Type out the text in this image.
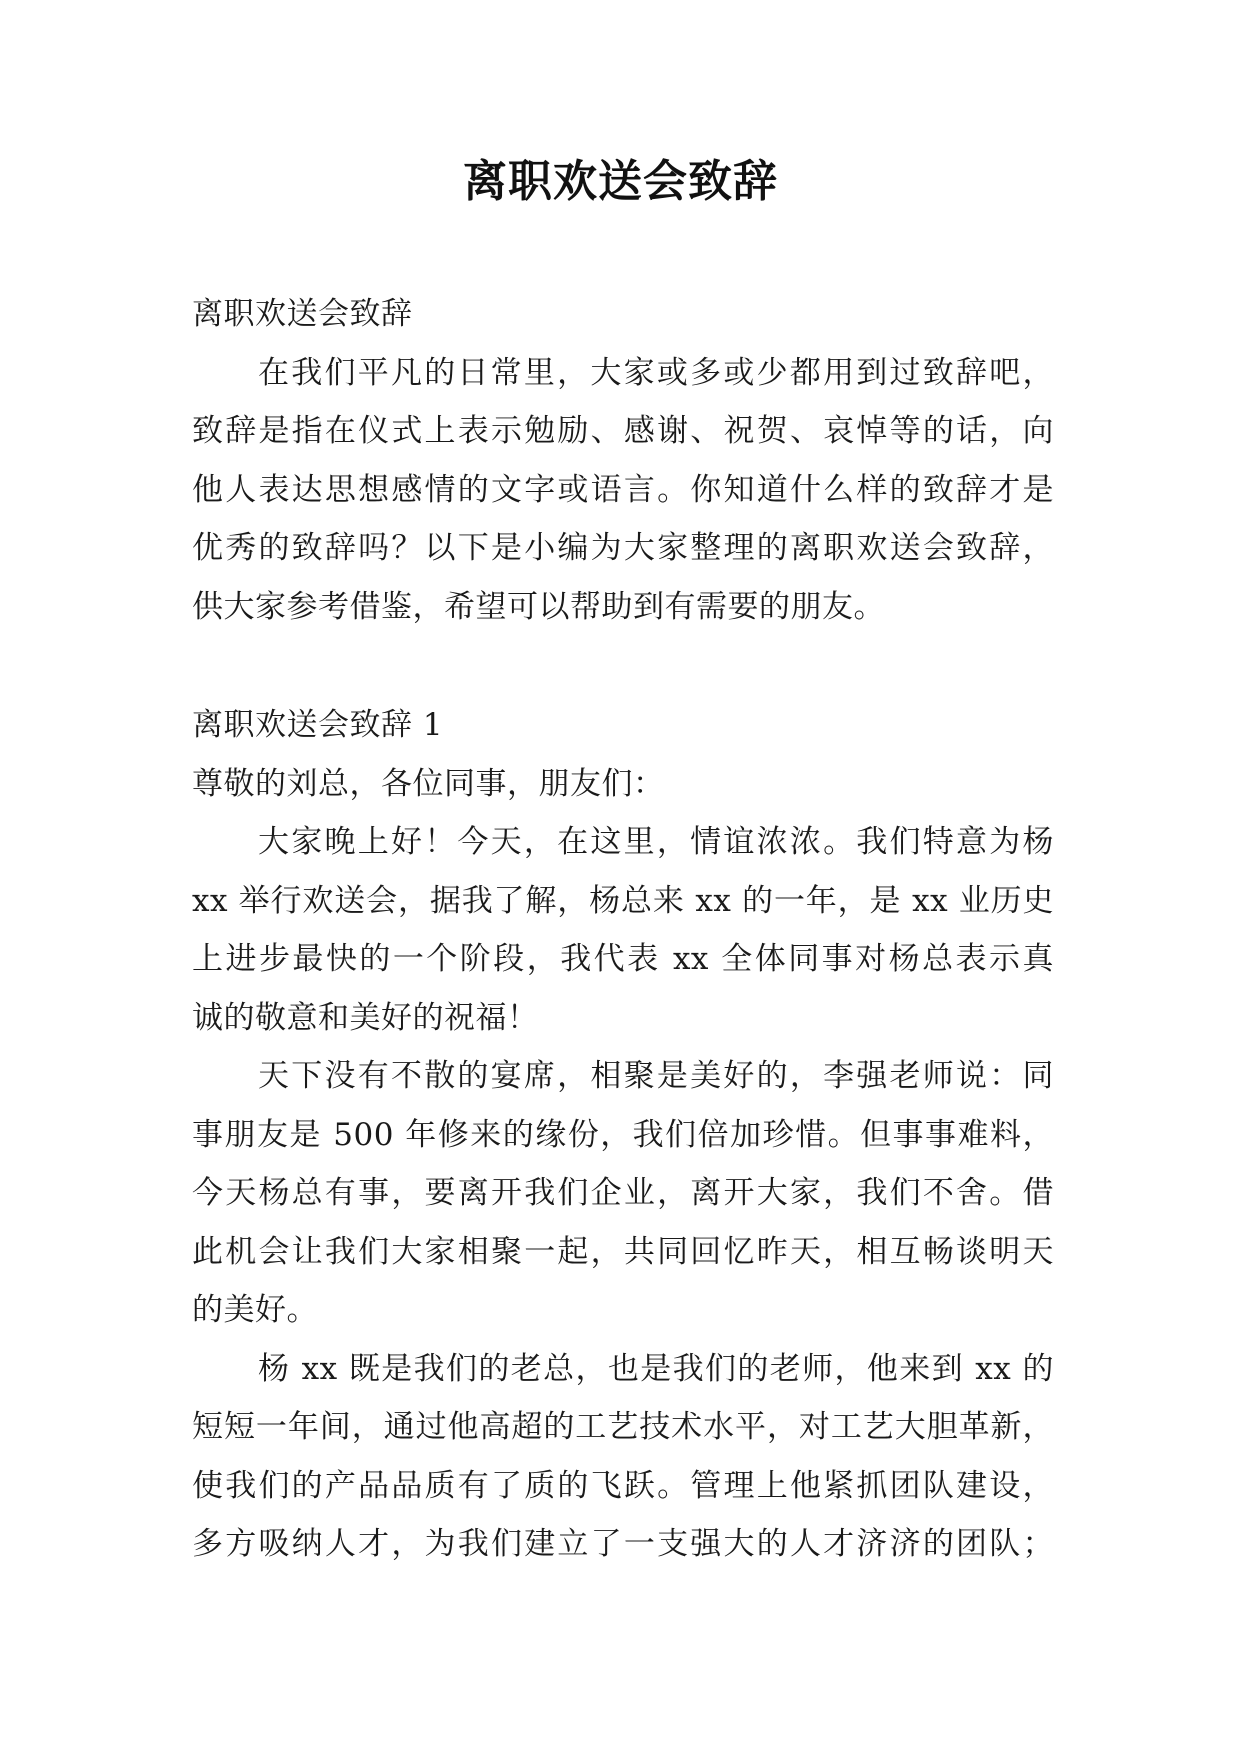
离职欢送会致辞
离职欢送会致辞
在我们平凡的日常里，大家或多或少都用到过致辞吧，
致辞是指在仪式上表示勉励、感谢、祝贺、哀悼等的话，向
他人表达思想感情的文字或语言。你知道什么样的致辞才是
优秀的致辞吗？以下是小编为大家整理的离职欢送会致辞，
供大家参考借鉴，希望可以帮助到有需要的朋友。
离职欢送会致辞 1
尊敬的刘总，各位同事，朋友们：
大家晚上好！今天，在这里，情谊浓浓。我们特意为杨
xx 举行欢送会，据我了解，杨总来 xx 的一年，是 xx 业历史
上进步最快的一个阶段，我代表 xx 全体同事对杨总表示真
诚的敬意和美好的祝福！
天下没有不散的宴席，相聚是美好的，李强老师说：同
事朋友是 500 年修来的缘份，我们倍加珍惜。但事事难料，
今天杨总有事，要离开我们企业，离开大家，我们不舍。借
此机会让我们大家相聚一起，共同回忆昨天，相互畅谈明天
的美好。
杨 xx 既是我们的老总，也是我们的老师，他来到 xx 的
短短一年间，通过他高超的工艺技术水平，对工艺大胆革新，
使我们的产品品质有了质的飞跃。管理上他紧抓团队建设，
多方吸纳人才，为我们建立了一支强大的人才济济的团队；
